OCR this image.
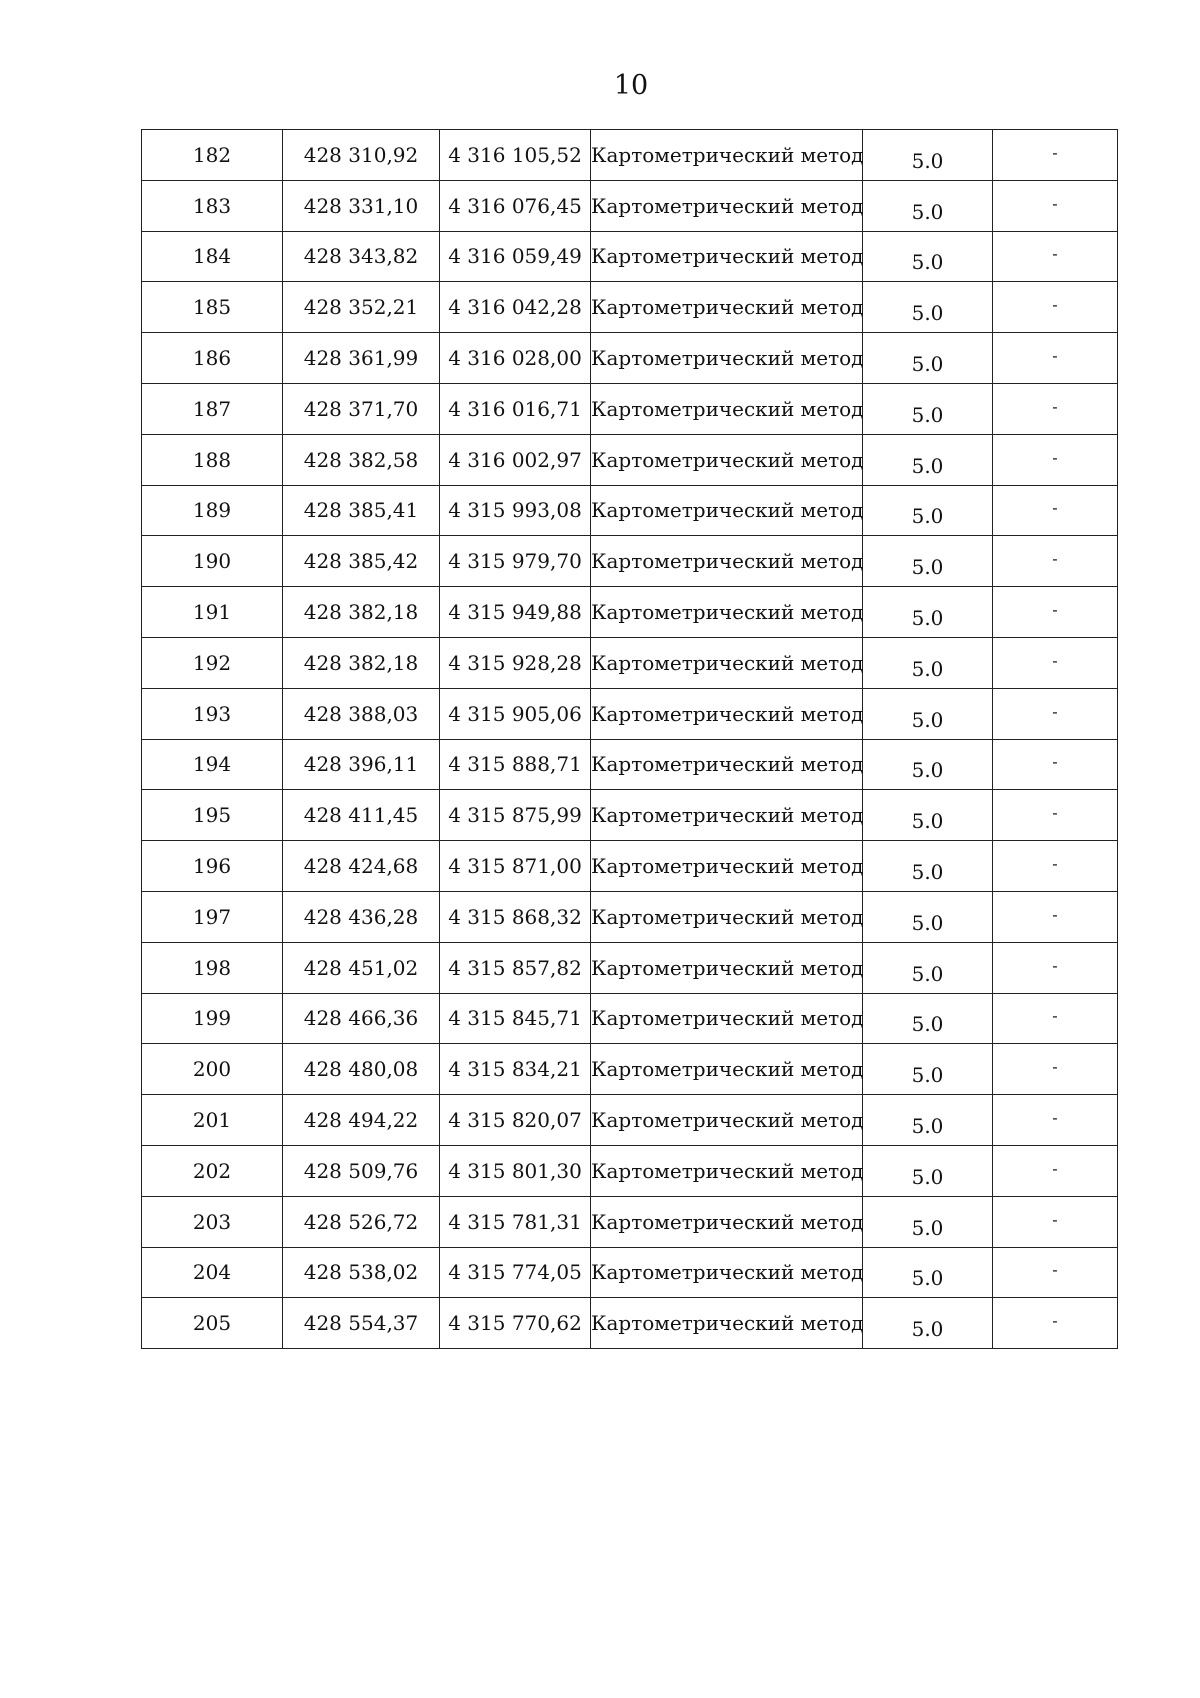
10
182	428 310,92	4 316 105,52	Картометрический метод	5.0	-
183	428 331,10	4 316 076,45	Картометрический метод	5.0	-
184	428 343,82	4 316 059,49	Картометрический метод	5.0	-
185	428 352,21	4 316 042,28	Картометрический метод	5.0	-
186	428 361,99	4 316 028,00	Картометрический метод	5.0	-
187	428 371,70	4 316 016,71	Картометрический метод	5.0	-
188	428 382,58	4 316 002,97	Картометрический метод	5.0	-
189	428 385,41	4 315 993,08	Картометрический метод	5.0	-
190	428 385,42	4 315 979,70	Картометрический метод	5.0	-
191	428 382,18	4 315 949,88	Картометрический метод	5.0	-
192	428 382,18	4 315 928,28	Картометрический метод	5.0	-
193	428 388,03	4 315 905,06	Картометрический метод	5.0	-
194	428 396,11	4 315 888,71	Картометрический метод	5.0	-
195	428 411,45	4 315 875,99	Картометрический метод	5.0	-
196	428 424,68	4 315 871,00	Картометрический метод	5.0	-
197	428 436,28	4 315 868,32	Картометрический метод	5.0	-
198	428 451,02	4 315 857,82	Картометрический метод	5.0	-
199	428 466,36	4 315 845,71	Картометрический метод	5.0	-
200	428 480,08	4 315 834,21	Картометрический метод	5.0	-
201	428 494,22	4 315 820,07	Картометрический метод	5.0	-
202	428 509,76	4 315 801,30	Картометрический метод	5.0	-
203	428 526,72	4 315 781,31	Картометрический метод	5.0	-
204	428 538,02	4 315 774,05	Картометрический метод	5.0	-
205	428 554,37	4 315 770,62	Картометрический метод	5.0	-
